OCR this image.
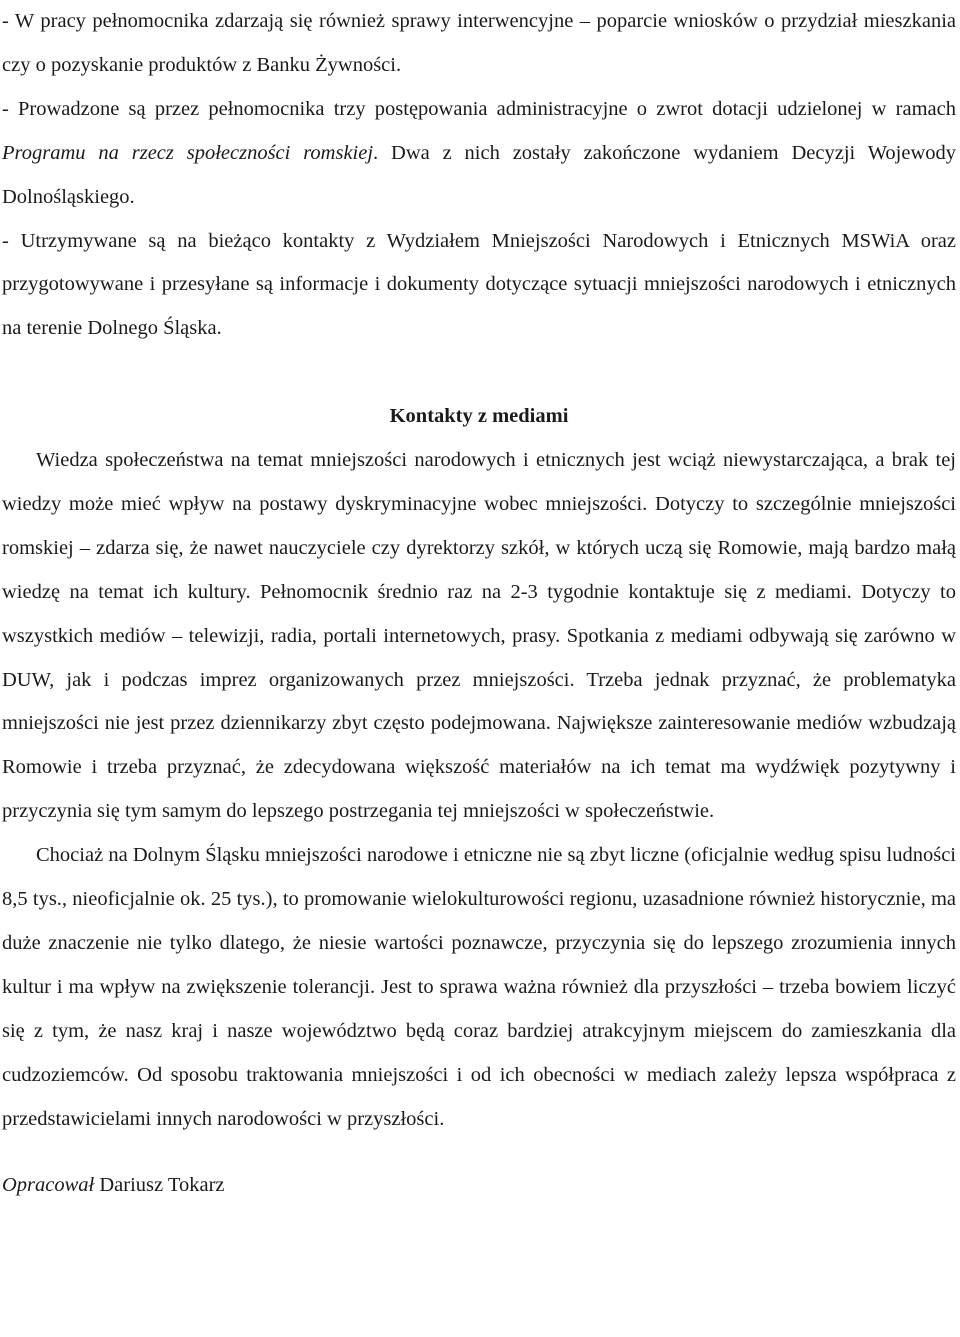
- W pracy pełnomocnika zdarzają się również sprawy interwencyjne – poparcie wniosków o przydział mieszkania czy o pozyskanie produktów z Banku Żywności.

- Prowadzone są przez pełnomocnika trzy postępowania administracyjne o zwrot dotacji udzielonej w ramach Programu na rzecz społeczności romskiej. Dwa z nich zostały zakończone wydaniem Decyzji Wojewody Dolnośląskiego.

- Utrzymywane są na bieżąco kontakty z Wydziałem Mniejszości Narodowych i Etnicznych MSWiA oraz przygotowywane i przesyłane są informacje i dokumenty dotyczące sytuacji mniejszości narodowych i etnicznych na terenie Dolnego Śląska.

Kontakty z mediami

Wiedza społeczeństwa na temat mniejszości narodowych i etnicznych jest wciąż niewystarczająca, a brak tej wiedzy może mieć wpływ na postawy dyskryminacyjne wobec mniejszości. Dotyczy to szczególnie mniejszości romskiej – zdarza się, że nawet nauczyciele czy dyrektorzy szkół, w których uczą się Romowie, mają bardzo małą wiedzę na temat ich kultury. Pełnomocnik średnio raz na 2-3 tygodnie kontaktuje się z mediami. Dotyczy to wszystkich mediów – telewizji, radia, portali internetowych, prasy. Spotkania z mediami odbywają się zarówno w DUW, jak i podczas imprez organizowanych przez mniejszości. Trzeba jednak przyznać, że problematyka mniejszości nie jest przez dziennikarzy zbyt często podejmowana. Największe zainteresowanie mediów wzbudzają Romowie i trzeba przyznać, że zdecydowana większość materiałów na ich temat ma wydźwięk pozytywny i przyczynia się tym samym do lepszego postrzegania tej mniejszości w społeczeństwie.

Chociaż na Dolnym Śląsku mniejszości narodowe i etniczne nie są zbyt liczne (oficjalnie według spisu ludności 8,5 tys., nieoficjalnie ok. 25 tys.), to promowanie wielokulturowości regionu, uzasadnione również historycznie, ma duże znaczenie nie tylko dlatego, że niesie wartości poznawcze, przyczynia się do lepszego zrozumienia innych kultur i ma wpływ na zwiększenie tolerancji. Jest to sprawa ważna również dla przyszłości – trzeba bowiem liczyć się z tym, że nasz kraj i nasze województwo będą coraz bardziej atrakcyjnym miejscem do zamieszkania dla cudzoziemców. Od sposobu traktowania mniejszości i od ich obecności w mediach zależy lepsza współpraca z przedstawicielami innych narodowości w przyszłości.

Opracował Dariusz Tokarz
